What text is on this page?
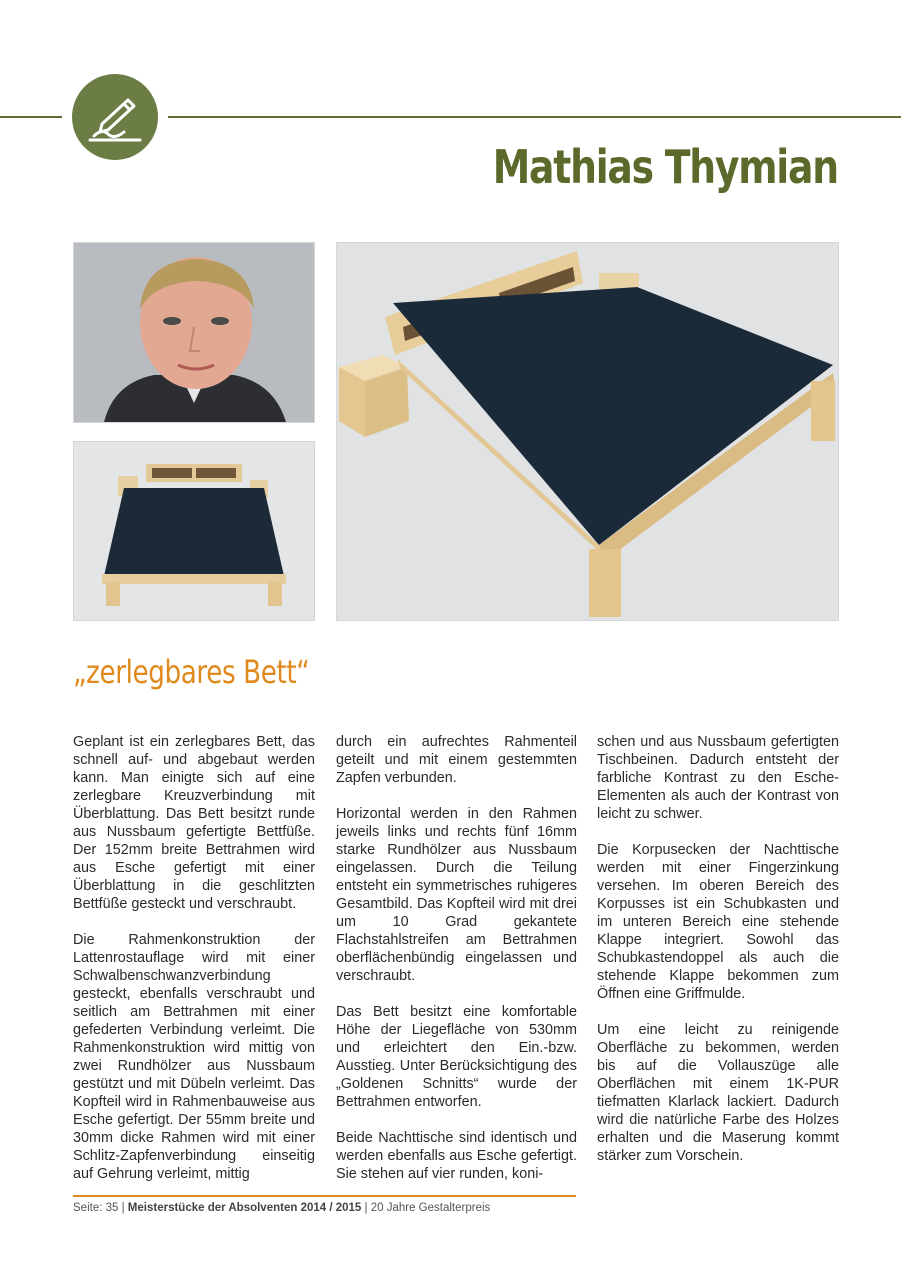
Mathias Thymian
„zerlegbares Bett“

Geplant ist ein zerlegbares Bett, das schnell auf- und abgebaut werden kann. Man einigte sich auf eine zerlegbare Kreuzverbindung mit Überblattung. Das Bett besitzt runde aus Nussbaum gefertigte Bettfüße. Der 152mm breite Bettrahmen wird aus Esche gefertigt mit einer Überblattung in die geschlitzten Bettfüße gesteckt und verschraubt.

Die Rahmenkonstruktion der Lattenrostauflage wird mit einer Schwalbenschwanzverbindung gesteckt, ebenfalls verschraubt und seitlich am Bettrahmen mit einer gefederten Verbindung verleimt. Die Rahmenkonstruktion wird mittig von zwei Rundhölzer aus Nussbaum gestützt und mit Dübeln verleimt. Das Kopfteil wird in Rahmenbauweise aus Esche gefertigt. Der 55mm breite und 30mm dicke Rahmen wird mit einer Schlitz-Zapfenverbindung einseitig auf Gehrung verleimt, mittig

durch ein aufrechtes Rahmenteil geteilt und mit einem gestemmten Zapfen verbunden.

Horizontal werden in den Rahmen jeweils links und rechts fünf 16mm starke Rundhölzer aus Nussbaum eingelassen. Durch die Teilung entsteht ein symmetrisches ruhigeres Gesamtbild. Das Kopfteil wird mit drei um 10 Grad gekantete Flachstahlstreifen am Bettrahmen oberflächenbündig eingelassen und verschraubt.

Das Bett besitzt eine komfortable Höhe der Liegefläche von 530mm und erleichtert den Ein.-bzw. Ausstieg. Unter Berücksichtigung des „Goldenen Schnitts“ wurde der Bettrahmen entworfen.

Beide Nachttische sind identisch und werden ebenfalls aus Esche gefertigt. Sie stehen auf vier runden, koni-

schen und aus Nussbaum gefertigten Tischbeinen. Dadurch entsteht der farbliche Kontrast zu den Esche-Elementen als auch der Kontrast von leicht zu schwer.

Die Korpusecken der Nachttische werden mit einer Fingerzinkung versehen. Im oberen Bereich des Korpusses ist ein Schubkasten und im unteren Bereich eine stehende Klappe integriert. Sowohl das Schubkastendoppel als auch die stehende Klappe bekommen zum Öffnen eine Griffmulde.

Um eine leicht zu reinigende Oberfläche zu bekommen, werden bis auf die Vollauszüge alle Oberflächen mit einem 1K-PUR tiefmatten Klarlack lackiert. Dadurch wird die natürliche Farbe des Holzes erhalten und die Maserung kommt stärker zum Vorschein.

Seite: 35 | Meisterstücke der Absolventen 2014 / 2015 | 20 Jahre Gestalterpreis
